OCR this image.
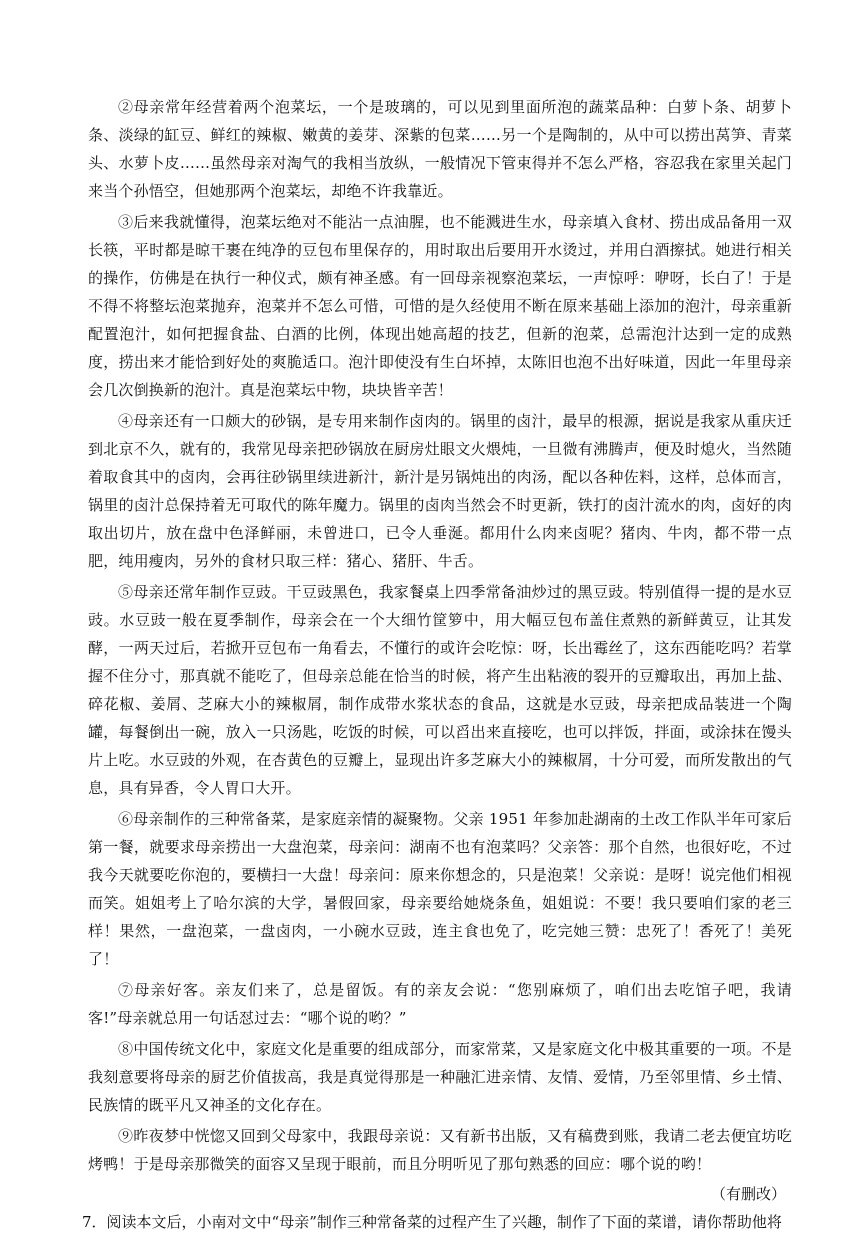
②母亲常年经营着两个泡菜坛，一个是玻璃的，可以见到里面所泡的蔬菜品种：白萝卜条、胡萝卜条、淡绿的缸豆、鲜红的辣椒、嫩黄的姜芽、深紫的包菜……另一个是陶制的，从中可以捞出莴笋、青菜头、水萝卜皮……虽然母亲对淘气的我相当放纵，一般情况下管束得并不怎么严格，容忍我在家里关起门来当个孙悟空，但她那两个泡菜坛，却绝不许我靠近。

③后来我就懂得，泡菜坛绝对不能沾一点油腥，也不能溅进生水，母亲填入食材、捞出成品备用一双长筷，平时都是晾干裹在纯净的豆包布里保存的，用时取出后要用开水烫过，并用白酒擦拭。她进行相关的操作，仿佛是在执行一种仪式，颇有神圣感。有一回母亲视察泡菜坛，一声惊呼：咿呀，长白了！于是不得不将整坛泡菜抛弃，泡菜并不怎么可惜，可惜的是久经使用不断在原来基础上添加的泡汁，母亲重新配置泡汁，如何把握食盐、白酒的比例，体现出她高超的技艺，但新的泡菜，总需泡汁达到一定的成熟度，捞出来才能恰到好处的爽脆适口。泡汁即使没有生白坏掉，太陈旧也泡不出好味道，因此一年里母亲会几次倒换新的泡汁。真是泡菜坛中物，块块皆辛苦！

④母亲还有一口颇大的砂锅，是专用来制作卤肉的。锅里的卤汁，最早的根源，据说是我家从重庆迁到北京不久，就有的，我常见母亲把砂锅放在厨房灶眼文火煨炖，一旦微有沸腾声，便及时熄火，当然随着取食其中的卤肉，会再往砂锅里续进新汁，新汁是另锅炖出的肉汤，配以各种佐料，这样，总体而言，锅里的卤汁总保持着无可取代的陈年魔力。锅里的卤肉当然会不时更新，铁打的卤汁流水的肉，卤好的肉取出切片，放在盘中色泽鲜丽，未曾进口，已令人垂涎。都用什么肉来卤呢？猪肉、牛肉，都不带一点肥，纯用瘦肉，另外的食材只取三样：猪心、猪肝、牛舌。

⑤母亲还常年制作豆豉。干豆豉黑色，我家餐桌上四季常备油炒过的黑豆豉。特别值得一提的是水豆豉。水豆豉一般在夏季制作，母亲会在一个大细竹筐箩中，用大幅豆包布盖住煮熟的新鲜黄豆，让其发酵，一两天过后，若掀开豆包布一角看去，不懂行的或许会吃惊：呀，长出霉丝了，这东西能吃吗？若掌握不住分寸，那真就不能吃了，但母亲总能在恰当的时候，将产生出粘液的裂开的豆瓣取出，再加上盐、碎花椒、姜屑、芝麻大小的辣椒屑，制作成带水浆状态的食品，这就是水豆豉，母亲把成品装进一个陶罐，每餐倒出一碗，放入一只汤匙，吃饭的时候，可以舀出来直接吃，也可以拌饭，拌面，或涂抹在馒头片上吃。水豆豉的外观，在杏黄色的豆瓣上，显现出许多芝麻大小的辣椒屑，十分可爱，而所发散出的气息，具有异香，令人胃口大开。

⑥母亲制作的三种常备菜，是家庭亲情的凝聚物。父亲 1951 年参加赴湖南的土改工作队半年可家后第一餐，就要求母亲捞出一大盘泡菜，母亲问：湖南不也有泡菜吗？父亲答：那个自然，也很好吃，不过我今天就要吃你泡的，要横扫一大盘！母亲问：原来你想念的，只是泡菜！父亲说：是呀！说完他们相视而笑。姐姐考上了哈尔滨的大学，暑假回家，母亲要给她烧条鱼，姐姐说：不要！我只要咱们家的老三样！果然，一盘泡菜，一盘卤肉，一小碗水豆豉，连主食也免了，吃完她三赞：忠死了！香死了！美死了！

⑦母亲好客。亲友们来了，总是留饭。有的亲友会说：“您别麻烦了，咱们出去吃馆子吧，我请客!”母亲就总用一句话怼过去：“哪个说的哟？”

⑧中国传统文化中，家庭文化是重要的组成部分，而家常菜，又是家庭文化中极其重要的一项。不是我刻意要将母亲的厨艺价值拔高，我是真觉得那是一种融汇进亲情、友情、爱情，乃至邻里情、乡土情、民族情的既平凡又神圣的文化存在。

⑨昨夜梦中恍惚又回到父母家中，我跟母亲说：又有新书出版，又有稿费到账，我请二老去便宜坊吃烤鸭！于是母亲那微笑的面容又呈现于眼前，而且分明听见了那句熟悉的回应：哪个说的哟！

（有删改）

7．阅读本文后，小南对文中“母亲”制作三种常备菜的过程产生了兴趣，制作了下面的菜谱，请你帮助他将
